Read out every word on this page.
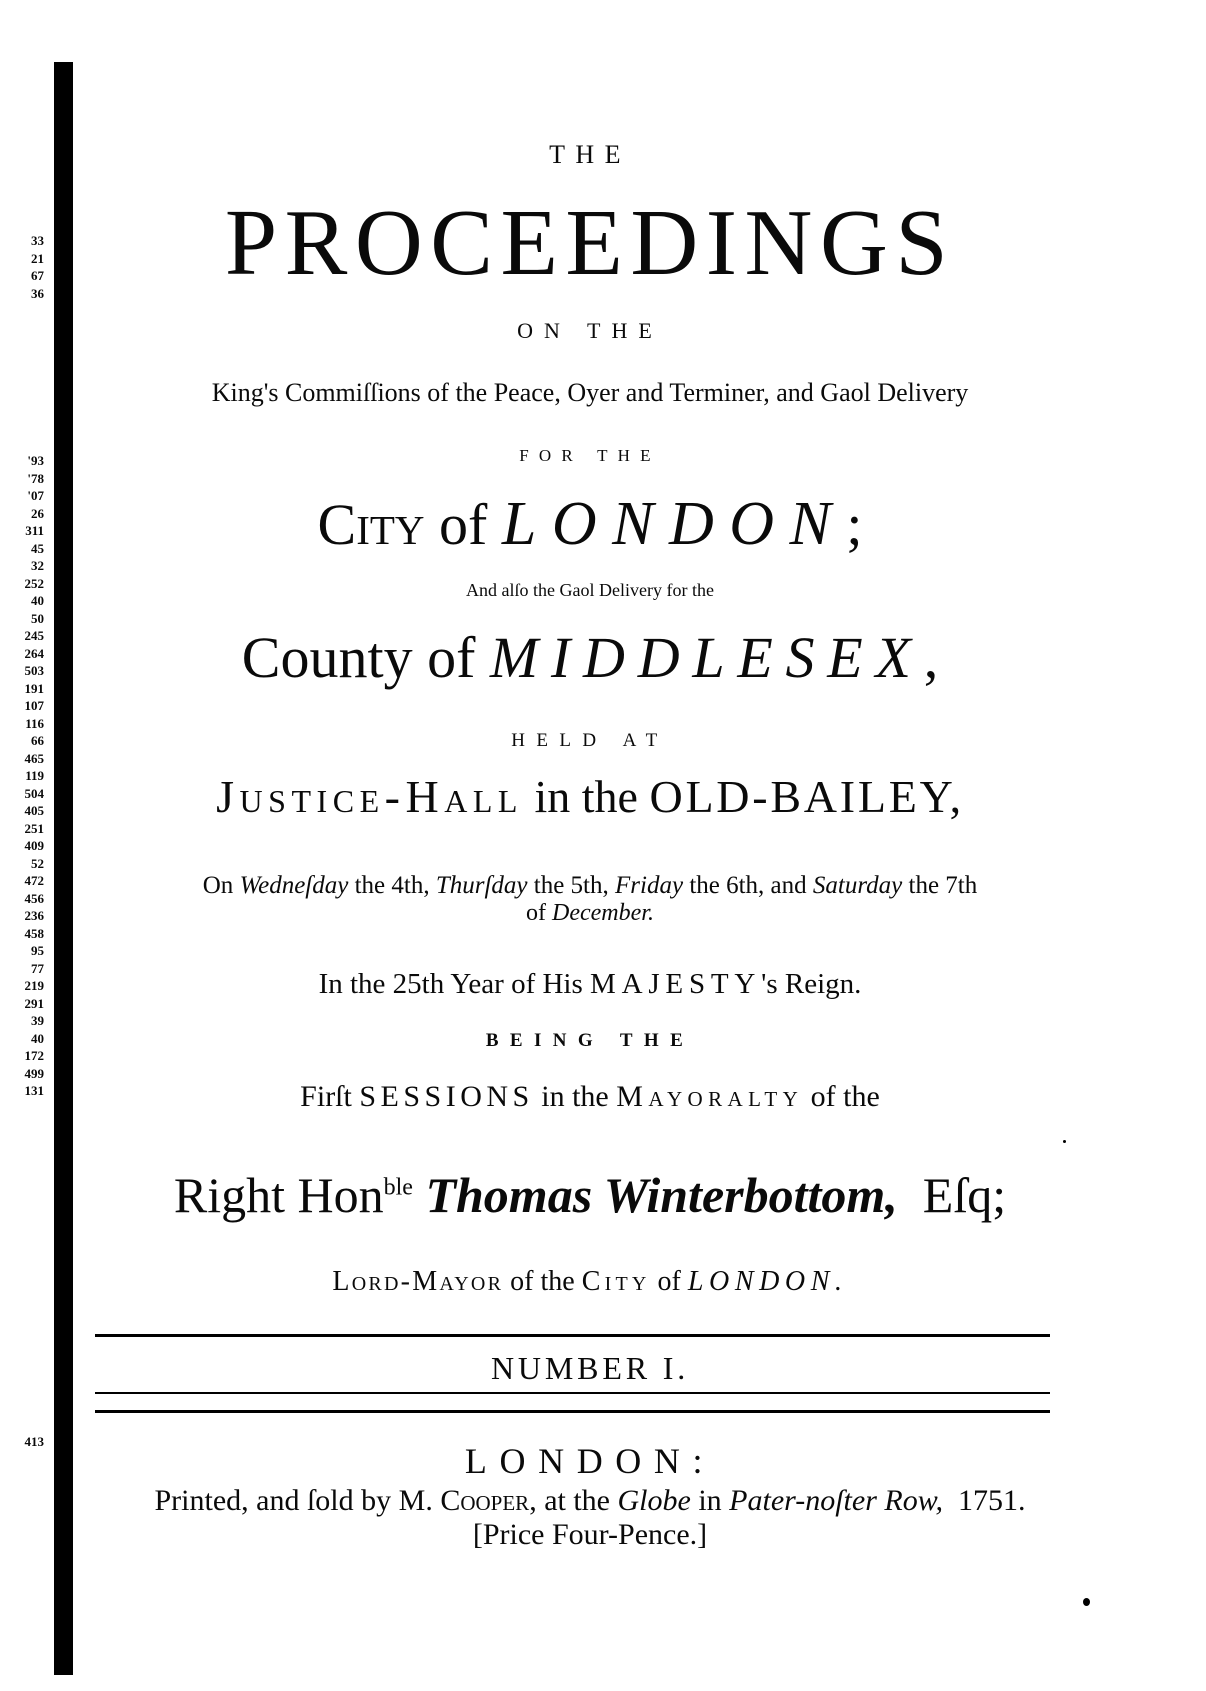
33
21
67
36
'93
'78
'07
26
311
45
32
252
40
50
245
264
503
191
107
116
66
465
119
504
405
251
409
52
472
456
236
458
95
77
219
291
39
40
172
499
131
413
THE
PROCEEDINGS
ON THE
King's Commiſſions of the Peace, Oyer and Terminer, and Gaol Delivery
FOR THE
City of LONDON;
And alſo the Gaol Delivery for the
County of MIDDLESEX,
HELD AT
Justice-Hall in the OLD-BAILEY,
On Wedneſday the 4th, Thurſday the 5th, Friday the 6th, and Saturday the 7th
of December.
In the 25th Year of His MAJESTY's Reign.
BEING THE
Firſt SESSIONS in the Mayoralty of the
Right Hon$^{ble}$ Thomas Winterbottom, Eſq;
Lord-Mayor of the City of LONDON.
NUMBER I.
LONDON:
Printed, and ſold by M. Cooper, at the Globe in Pater-noſter Row, 1751.
[Price Four-Pence.]
